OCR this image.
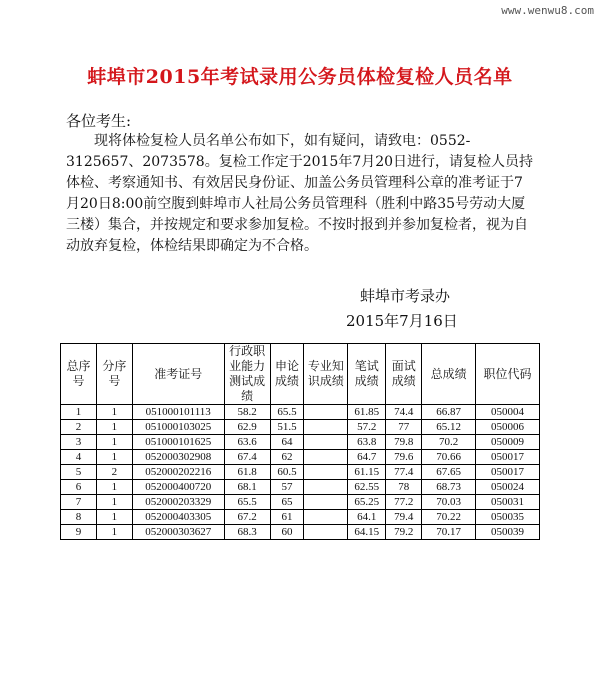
www.wenwu8.com
蚌埠市2015年考试录用公务员体检复检人员名单
各位考生:

现将体检复检人员名单公布如下，如有疑问，请致电：0552-3125657、2073578。复检工作定于2015年7月20日进行，请复检人员持体检、考察通知书、有效居民身份证、加盖公务员管理科公章的准考证于7月20日8:00前空腹到蚌埠市人社局公务员管理科（胜利中路35号劳动大厦三楼）集合，并按规定和要求参加复检。不按时报到并参加复检者，视为自动放弃复检，体检结果即确定为不合格。

蚌埠市考录办
2015年7月16日
总序号	分序号	准考证号	行政职业能力测试成绩	申论成绩	专业知识成绩	笔试成绩	面试成绩	总成绩	职位代码
1	1	051000101113	58.2	65.5		61.85	74.4	66.87	050004
2	1	051000103025	62.9	51.5		57.2	77	65.12	050006
3	1	051000101625	63.6	64		63.8	79.8	70.2	050009
4	1	052000302908	67.4	62		64.7	79.6	70.66	050017
5	2	052000202216	61.8	60.5		61.15	77.4	67.65	050017
6	1	052000400720	68.1	57		62.55	78	68.73	050024
7	1	052000203329	65.5	65		65.25	77.2	70.03	050031
8	1	052000403305	67.2	61		64.1	79.4	70.22	050035
9	1	052000303627	68.3	60		64.15	79.2	70.17	050039
